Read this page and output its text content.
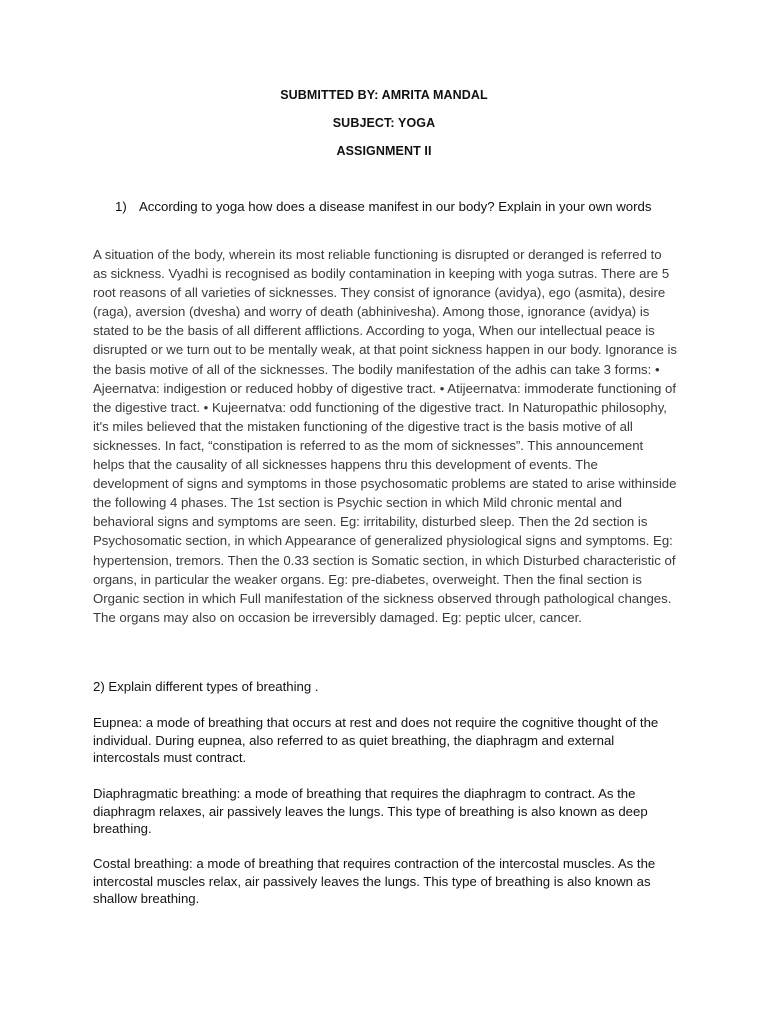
SUBMITTED BY: AMRITA MANDAL
SUBJECT: YOGA
ASSIGNMENT II
1) According to yoga how does a disease manifest in our body? Explain in your own words
A situation of the body, wherein its most reliable functioning is disrupted or deranged is referred to as sickness. Vyadhi is recognised as bodily contamination in keeping with yoga sutras. There are 5 root reasons of all varieties of sicknesses. They consist of ignorance (avidya), ego (asmita), desire (raga), aversion (dvesha) and worry of death (abhinivesha). Among those, ignorance (avidya) is stated to be the basis of all different afflictions. According to yoga, When our intellectual peace is disrupted or we turn out to be mentally weak, at that point sickness happen in our body. Ignorance is the basis motive of all of the sicknesses. The bodily manifestation of the adhis can take 3 forms: • Ajeernatva: indigestion or reduced hobby of digestive tract. • Atijeernatva: immoderate functioning of the digestive tract. • Kujeernatva: odd functioning of the digestive tract. In Naturopathic philosophy, it's miles believed that the mistaken functioning of the digestive tract is the basis motive of all sicknesses. In fact, “constipation is referred to as the mom of sicknesses”. This announcement helps that the causality of all sicknesses happens thru this development of events. The development of signs and symptoms in those psychosomatic problems are stated to arise withinside the following 4 phases. The 1st section is Psychic section in which Mild chronic mental and behavioral signs and symptoms are seen. Eg: irritability, disturbed sleep. Then the 2d section is Psychosomatic section, in which Appearance of generalized physiological signs and symptoms. Eg: hypertension, tremors. Then the 0.33 section is Somatic section, in which Disturbed characteristic of organs, in particular the weaker organs. Eg: pre-diabetes, overweight. Then the final section is Organic section in which Full manifestation of the sickness observed through pathological changes. The organs may also on occasion be irreversibly damaged. Eg: peptic ulcer, cancer.
2) Explain different types of breathing .
Eupnea: a mode of breathing that occurs at rest and does not require the cognitive thought of the individual. During eupnea, also referred to as quiet breathing, the diaphragm and external intercostals must contract.
Diaphragmatic breathing: a mode of breathing that requires the diaphragm to contract. As the diaphragm relaxes, air passively leaves the lungs. This type of breathing is also known as deep breathing.
Costal breathing: a mode of breathing that requires contraction of the intercostal muscles. As the intercostal muscles relax, air passively leaves the lungs. This type of breathing is also known as shallow breathing.
